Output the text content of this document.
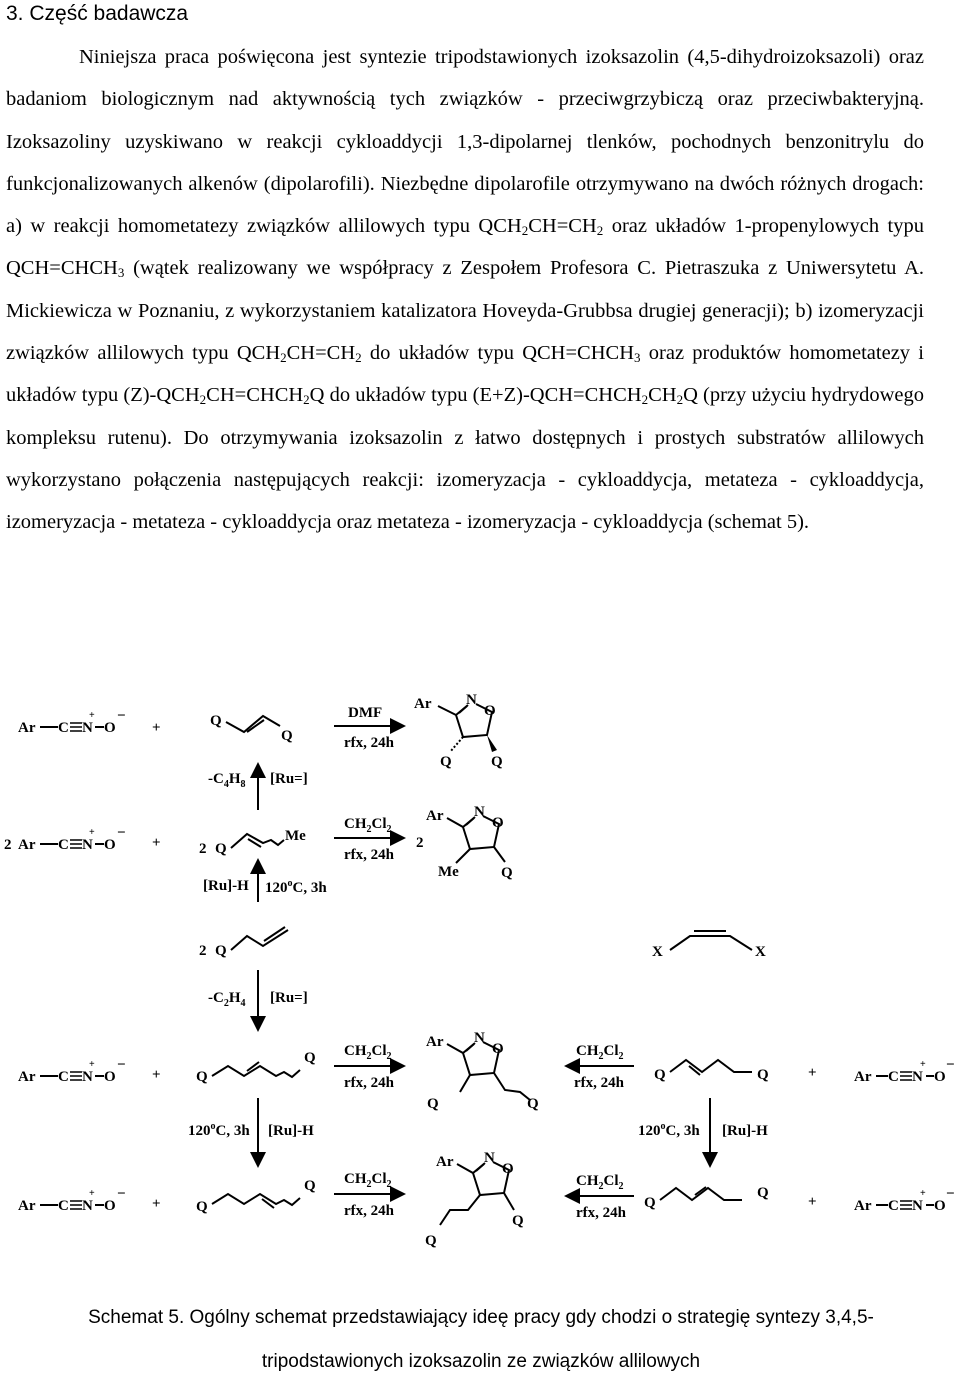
3. Część badawcza
Niniejsza praca poświęcona jest syntezie tripodstawionych izoksazolin (4,5-dihydroizoksazoli) oraz badaniom biologicznym nad aktywnością tych związków - przeciwgrzybiczą oraz przeciwbakteryjną. Izoksazoliny uzyskiwano w reakcji cykloaddycji 1,3-dipolarnej tlenków, pochodnych benzonitrylu do funkcjonalizowanych alkenów (dipolarofili). Niezbędne dipolarofile otrzymywano na dwóch różnych drogach: a) w reakcji homometatezy związków allilowych typu $QCH_2CH=CH_2$ oraz układów 1-propenylowych typu $QCH=CHCH_3$ (wątek realizowany we współpracy z Zespołem Profesora C. Pietraszuka z Uniwersytetu A. Mickiewicza w Poznaniu, z wykorzystaniem katalizatora Hoveyda-Grubbsa drugiej generacji); b) izomeryzacji związków allilowych typu $QCH_2CH=CH_2$ do układów typu $QCH=CHCH_3$ oraz produktów homometatezy i układów typu $(Z)-QCH_2CH=CHCH_2Q$ do układów typu $(E+Z)-QCH=CHCH_2CH_2Q$ (przy użyciu hydrydowego kompleksu rutenu). Do otrzymywania izoksazolin z łatwo dostępnych i prostych substratów allilowych wykorzystano połączenia następujących reakcji: izomeryzacja - cykloaddycja, metateza - cykloaddycja, izomeryzacja - metateza - cykloaddycja oraz metateza - izomeryzacja - cykloaddycja (schemat 5).
Ar C N
+
O
−
+	Q
Q
DMF
rfx, 24h
Ar N
O
Q	Q
$-C_4H_8$ [Ru=]
2 Ar C N
+
O
−
+	2 Q
Me
$CH_2Cl_2$
rfx, 24h
2
Ar N
O
Me	Q
[Ru]-H 120$^o$C, 3h
2 Q	X	X
$-C_2H_4$ [Ru=]
Ar C N
+
O
−
+ Q
Q $CH_2Cl_2$
rfx, 24h
Ar N
O
Q	Q
$CH_2Cl_2$
rfx, 24h Q	Q	+ Ar C N
+
O
−
$120^oC$, 3h [Ru]-H	120$^o$C, 3h [Ru]-H
Ar C N
+
O
−
+ Q
Q $CH_2Cl_2$
rfx, 24h
Ar N
O
Q
Q
$CH_2Cl_2$
rfx, 24h
Q
Q
+ Ar C N
+
O
−
Schemat 5. Ogólny schemat przedstawiający ideę pracy gdy chodzi o strategię syntezy 3,4,5-
tripodstawionych izoksazolin ze związków allilowych
